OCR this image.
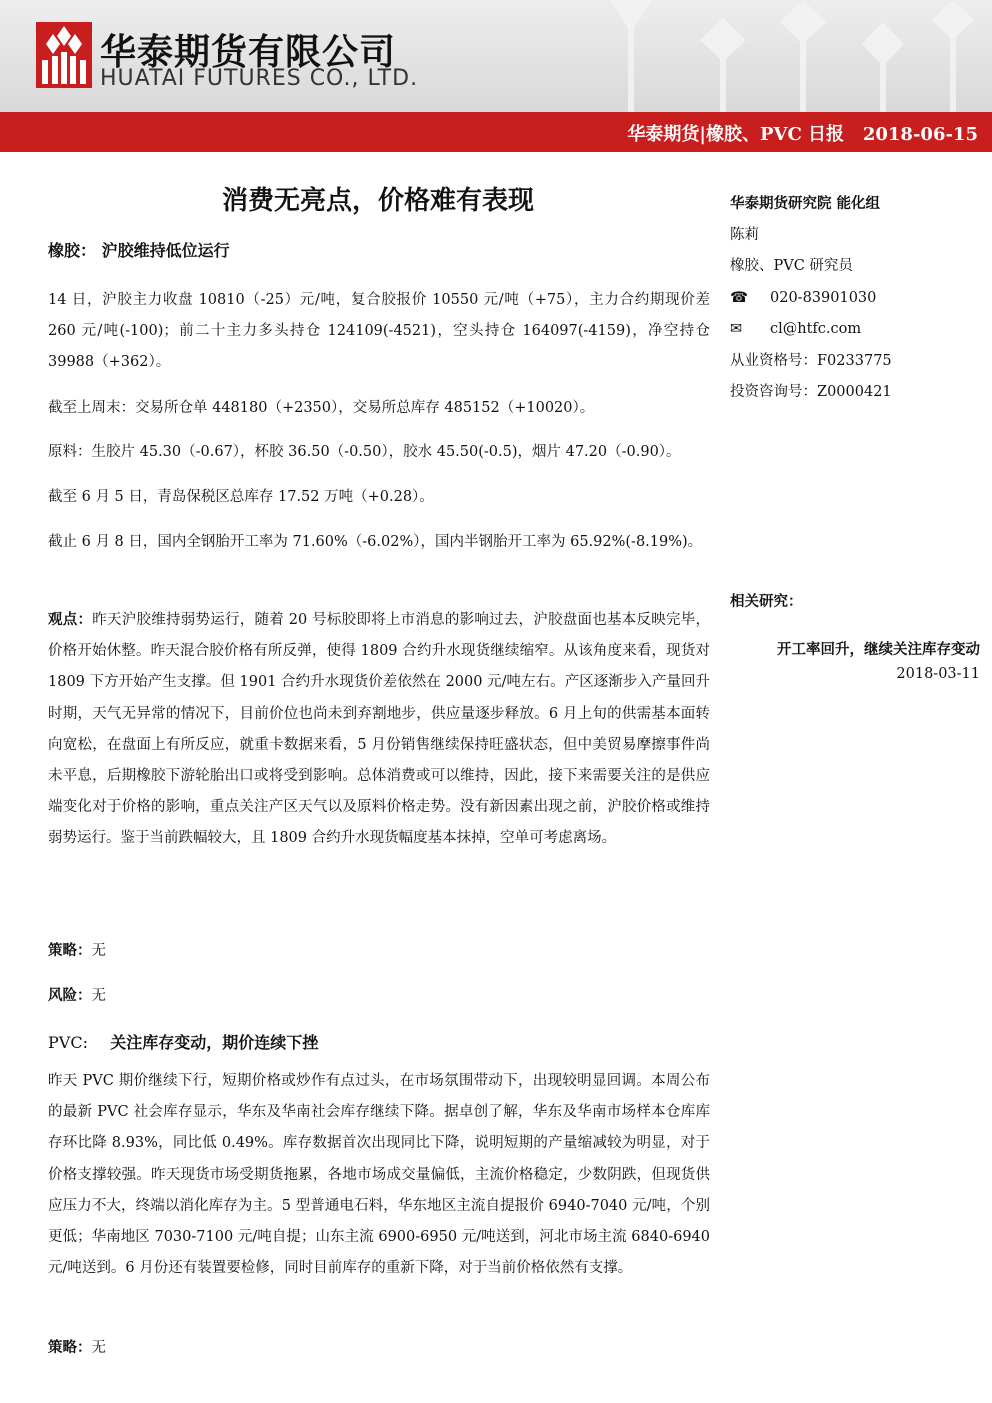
华泰期货有限公司
HUATAI FUTURES CO., LTD.
华泰期货|橡胶、PVC 日报 2018-06-15
消费无亮点，价格难有表现
橡胶： 沪胶维持低位运行
14 日，沪胶主力收盘 10810（-25）元/吨，复合胶报价 10550 元/吨（+75），主力合约期现价差 260 元/吨(-100)；前二十主力多头持仓 124109(-4521)，空头持仓 164097(-4159)，净空持仓 39988（+362）。
截至上周末：交易所仓单 448180（+2350），交易所总库存 485152（+10020）。
原料：生胶片 45.30（-0.67），杯胶 36.50（-0.50），胶水 45.50(-0.5)，烟片 47.20（-0.90）。
截至 6 月 5 日，青岛保税区总库存 17.52 万吨（+0.28）。
截止 6 月 8 日，国内全钢胎开工率为 71.60%（-6.02%），国内半钢胎开工率为 65.92%(-8.19%)。
观点：昨天沪胶维持弱势运行，随着 20 号标胶即将上市消息的影响过去，沪胶盘面也基本反映完毕，价格开始休整。昨天混合胶价格有所反弹，使得 1809 合约升水现货继续缩窄。从该角度来看，现货对 1809 下方开始产生支撑。但 1901 合约升水现货价差依然在 2000 元/吨左右。产区逐渐步入产量回升时期，天气无异常的情况下，目前价位也尚未到弃割地步，供应量逐步释放。6 月上旬的供需基本面转向宽松，在盘面上有所反应，就重卡数据来看，5 月份销售继续保持旺盛状态，但中美贸易摩擦事件尚未平息，后期橡胶下游轮胎出口或将受到影响。总体消费或可以维持，因此，接下来需要关注的是供应端变化对于价格的影响，重点关注产区天气以及原料价格走势。没有新因素出现之前，沪胶价格或维持弱势运行。鉴于当前跌幅较大，且 1809 合约升水现货幅度基本抹掉，空单可考虑离场。
策略：无
风险：无
PVC: 关注库存变动，期价连续下挫
昨天 PVC 期价继续下行，短期价格或炒作有点过头，在市场氛围带动下，出现较明显回调。本周公布的最新 PVC 社会库存显示，华东及华南社会库存继续下降。据卓创了解，华东及华南市场样本仓库库存环比降 8.93%，同比低 0.49%。库存数据首次出现同比下降，说明短期的产量缩减较为明显，对于价格支撑较强。昨天现货市场受期货拖累，各地市场成交量偏低，主流价格稳定，少数阴跌，但现货供应压力不大，终端以消化库存为主。5 型普通电石料，华东地区主流自提报价 6940-7040 元/吨，个别更低；华南地区 7030-7100 元/吨自提；山东主流 6900-6950 元/吨送到，河北市场主流 6840-6940 元/吨送到。6 月份还有装置要检修，同时目前库存的重新下降，对于当前价格依然有支撑。
策略：无
华泰期货研究院 能化组
陈莉
橡胶、PVC 研究员
☎ 020-83901030
✉ cl@htfc.com
从业资格号：F0233775
投资咨询号：Z0000421
相关研究：
开工率回升，继续关注库存变动
2018-03-11
